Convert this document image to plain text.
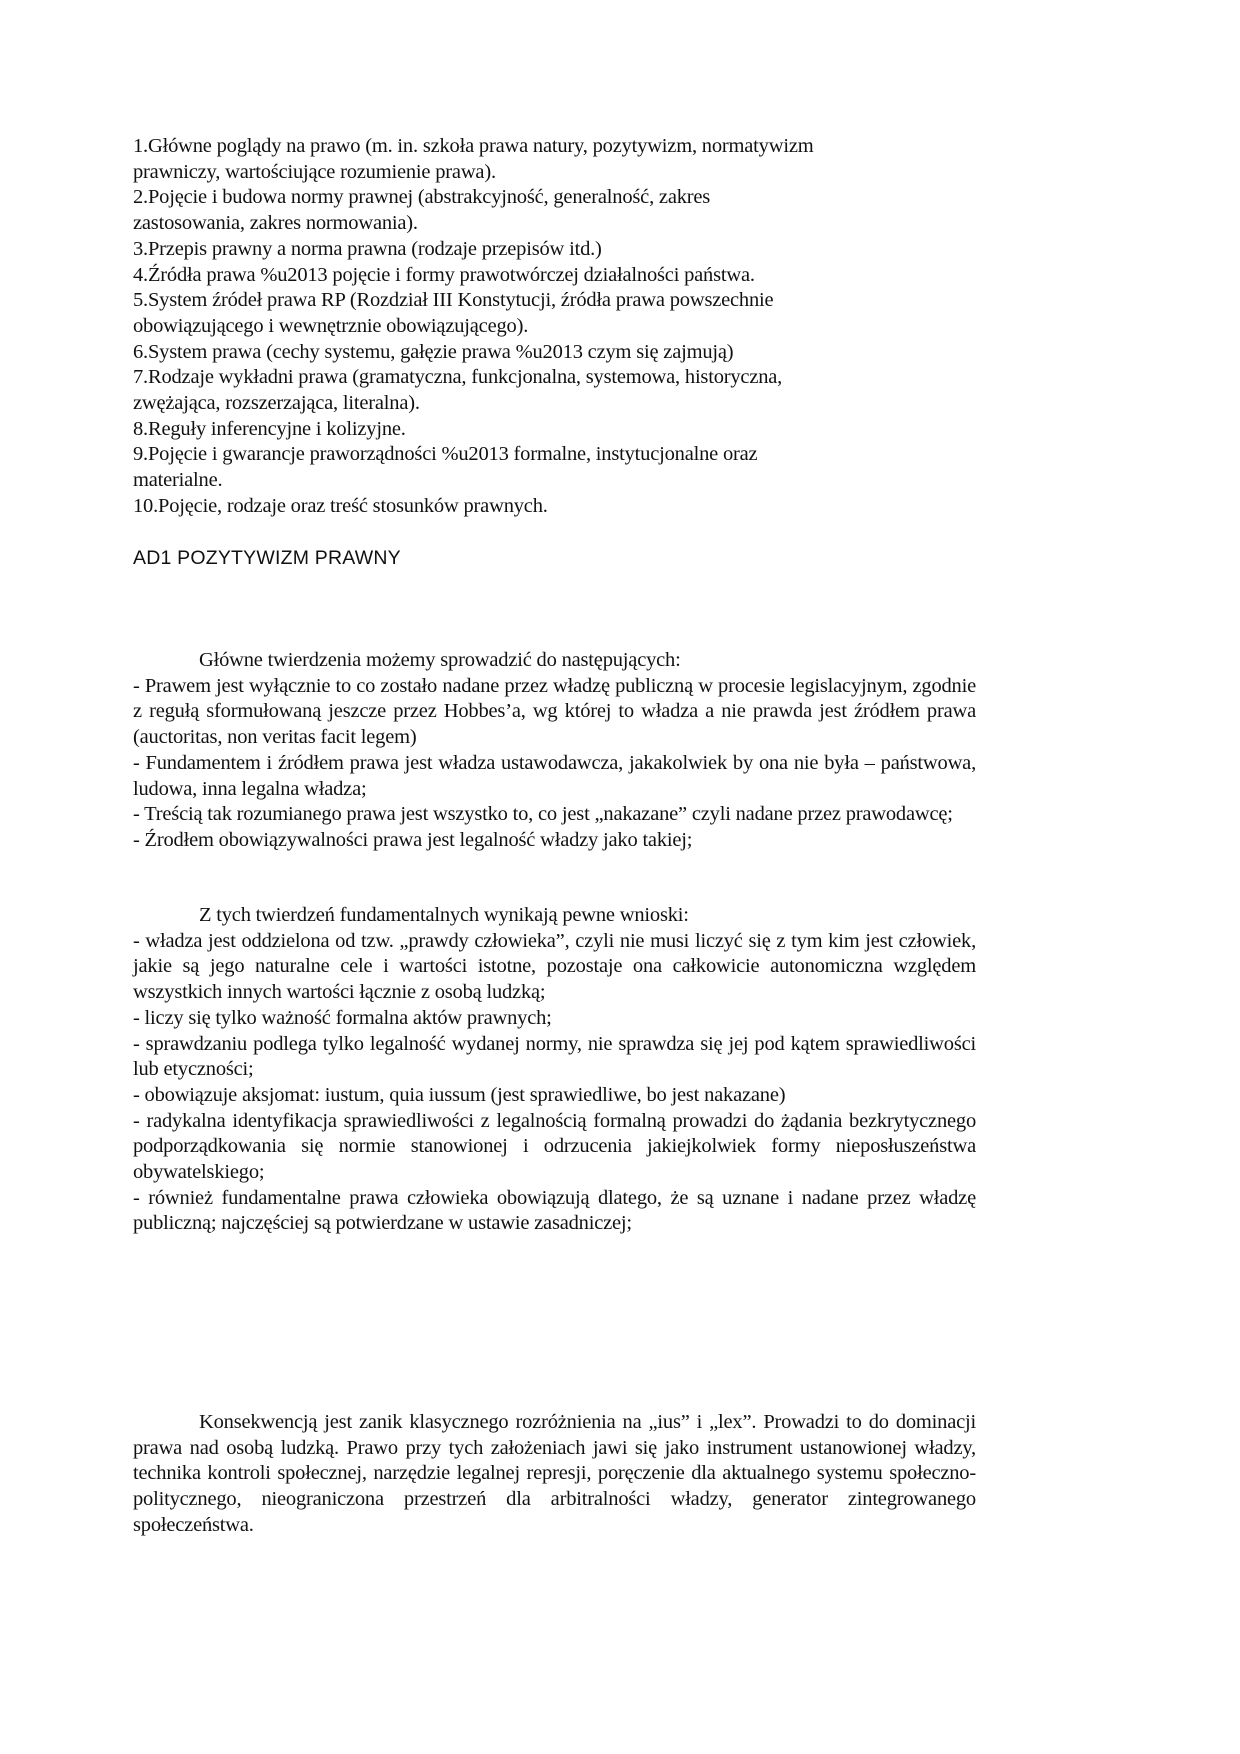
1.Główne poglądy na prawo (m. in. szkoła prawa natury, pozytywizm, normatywizm prawniczy, wartościujące rozumienie prawa).
2.Pojęcie i budowa normy prawnej (abstrakcyjność, generalność, zakres zastosowania, zakres normowania).
3.Przepis prawny a norma prawna (rodzaje przepisów itd.)
4.Źródła prawa %u2013 pojęcie i formy prawotwórczej działalności państwa.
5.System źródeł prawa RP (Rozdział III Konstytucji, źródła prawa powszechnie obowiązującego i wewnętrznie obowiązującego).
6.System prawa (cechy systemu, gałęzie prawa %u2013 czym się zajmują)
7.Rodzaje wykładni prawa (gramatyczna, funkcjonalna, systemowa, historyczna, zwężająca, rozszerzająca, literalna).
8.Reguły inferencyjne i kolizyjne.
9.Pojęcie i gwarancje praworządności %u2013 formalne, instytucjonalne oraz materialne.
10.Pojęcie, rodzaje oraz treść stosunków prawnych.
AD1 POZYTYWIZM PRAWNY
Główne twierdzenia możemy sprowadzić do następujących:
- Prawem jest wyłącznie to co zostało nadane przez władzę publiczną w procesie legislacyjnym, zgodnie z regułą sformułowaną jeszcze przez Hobbes’a, wg której to władza a nie prawda jest źródłem prawa (auctoritas, non veritas facit legem)
- Fundamentem i źródłem prawa jest władza ustawodawcza, jakakolwiek by ona nie była – państwowa, ludowa, inna legalna władza;
- Treścią tak rozumianego prawa jest wszystko to, co jest „nakazane” czyli nadane przez prawodawcę;
- Źrodłem obowiązywalności prawa jest legalność władzy jako takiej;
Z tych twierdzeń fundamentalnych wynikają pewne wnioski:
- władza jest oddzielona od tzw. „prawdy człowieka”, czyli nie musi liczyć się z tym kim jest człowiek, jakie są jego naturalne cele i wartości istotne, pozostaje ona całkowicie autonomiczna względem wszystkich innych wartości łącznie z osobą ludzką;
- liczy się tylko ważność formalna aktów prawnych;
- sprawdzaniu podlega tylko legalność wydanej normy, nie sprawdza się jej pod kątem sprawiedliwości lub etyczności;
- obowiązuje aksjomat: iustum, quia iussum (jest sprawiedliwe, bo jest nakazane)
- radykalna identyfikacja sprawiedliwości z legalnością formalną prowadzi do żądania bezkrytycznego podporządkowania się normie stanowionej i odrzucenia jakiejkolwiek formy nieposłuszeństwa obywatelskiego;
- również fundamentalne prawa człowieka obowiązują dlatego, że są uznane i nadane przez władzę publiczną; najczęściej są potwierdzane w ustawie zasadniczej;
Konsekwencją jest zanik klasycznego rozróżnienia na „ius” i „lex”. Prowadzi to do dominacji prawa nad osobą ludzką. Prawo przy tych założeniach jawi się jako instrument ustanowionej władzy, technika kontroli społecznej, narzędzie legalnej represji, poręczenie dla aktualnego systemu społeczno-politycznego, nieograniczona przestrzeń dla arbitralności władzy, generator zintegrowanego społeczeństwa.
